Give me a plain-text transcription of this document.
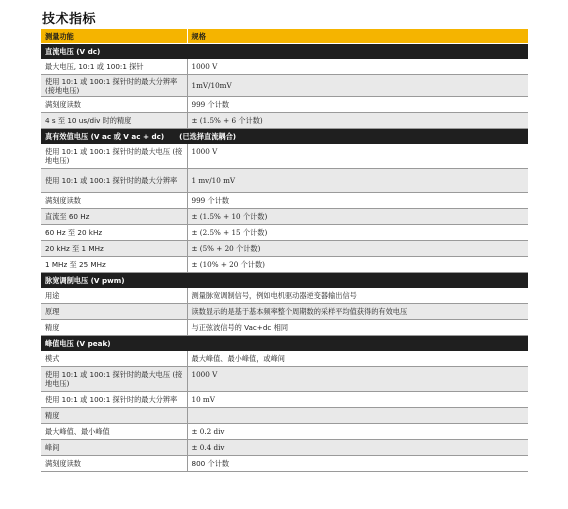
技术指标
测量功能	规格
直流电压 (V dc)	
最大电压, 10:1 或 100:1 探针	1000 V
使用 10:1 或 100:1 探针时的最大分辨率 (接地电压)	1mV/10mV
满刻度读数	999 个计数
4 s 至 10 us/div 时的精度	± (1.5% + 6 个计数)
真有效值电压 (V ac 或 V ac + dc)      (已选择直流耦合)	
使用 10:1 或 100:1 探针时的最大电压 (接地电压)	1000 V
使用 10:1 或 100:1 探针时的最大分辨率	1 mv/10 mV
满刻度读数	999 个计数
直流至 60 Hz	± (1.5% + 10 个计数)
60 Hz 至 20 kHz	± (2.5% + 15 个计数)
20 kHz 至 1 MHz	± (5% + 20 个计数)
1 MHz 至 25 MHz	± (10% + 20 个计数)
脉宽调制电压 (V pwm)	
用途	测量脉宽调制信号，例如电机驱动器逆变器输出信号
原理	读数显示的是基于基本频率整个周期数的采样平均值获得的有效电压
精度	与正弦波信号的 Vac+dc 相同
峰值电压 (V peak)	
模式	最大峰值、最小峰值，或峰间
使用 10:1 或 100:1 探针时的最大电压 (接地电压)	1000 V
使用 10:1 或 100:1 探针时的最大分辨率	10 mV
精度	
最大峰值、最小峰值	± 0.2 div
峰间	± 0.4 div
满刻度读数	800 个计数
